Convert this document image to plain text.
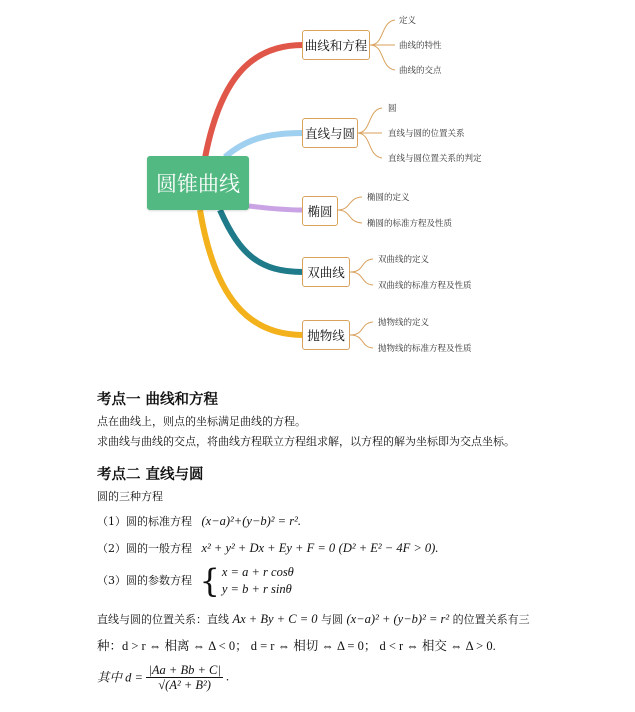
圆锥曲线
曲线和方程
直线与圆
椭圆
双曲线
抛物线
定义
曲线的特性
曲线的交点
圆
直线与圆的位置关系
直线与圆位置关系的判定
椭圆的定义
椭圆的标准方程及性质
双曲线的定义
双曲线的标准方程及性质
抛物线的定义
抛物线的标准方程及性质

考点一 曲线和方程

点在曲线上，则点的坐标满足曲线的方程。

求曲线与曲线的交点，将曲线方程联立方程组求解，以方程的解为坐标即为交点坐标。

考点二 直线与圆

圆的三种方程

（1）圆的标准方程 (x−a)²+(y−b)² = r².

（2）圆的一般方程 x² + y² + Dx + Ey + F = 0 (D² + E² − 4F > 0).

（3）圆的参数方程 { x = a + r cosθ
y = b + r sinθ

直线与圆的位置关系：直线 Ax + By + C = 0 与圆 (x−a)² + (y−b)² = r² 的位置关系有三

种：d > r ⇔ 相离 ⇔ Δ < 0； d = r ⇔ 相切 ⇔ Δ = 0； d < r ⇔ 相交 ⇔ Δ > 0.

其中 $d = \frac{|Aa + Bb + C|}{\text{√(A² + B²)}}$ .
